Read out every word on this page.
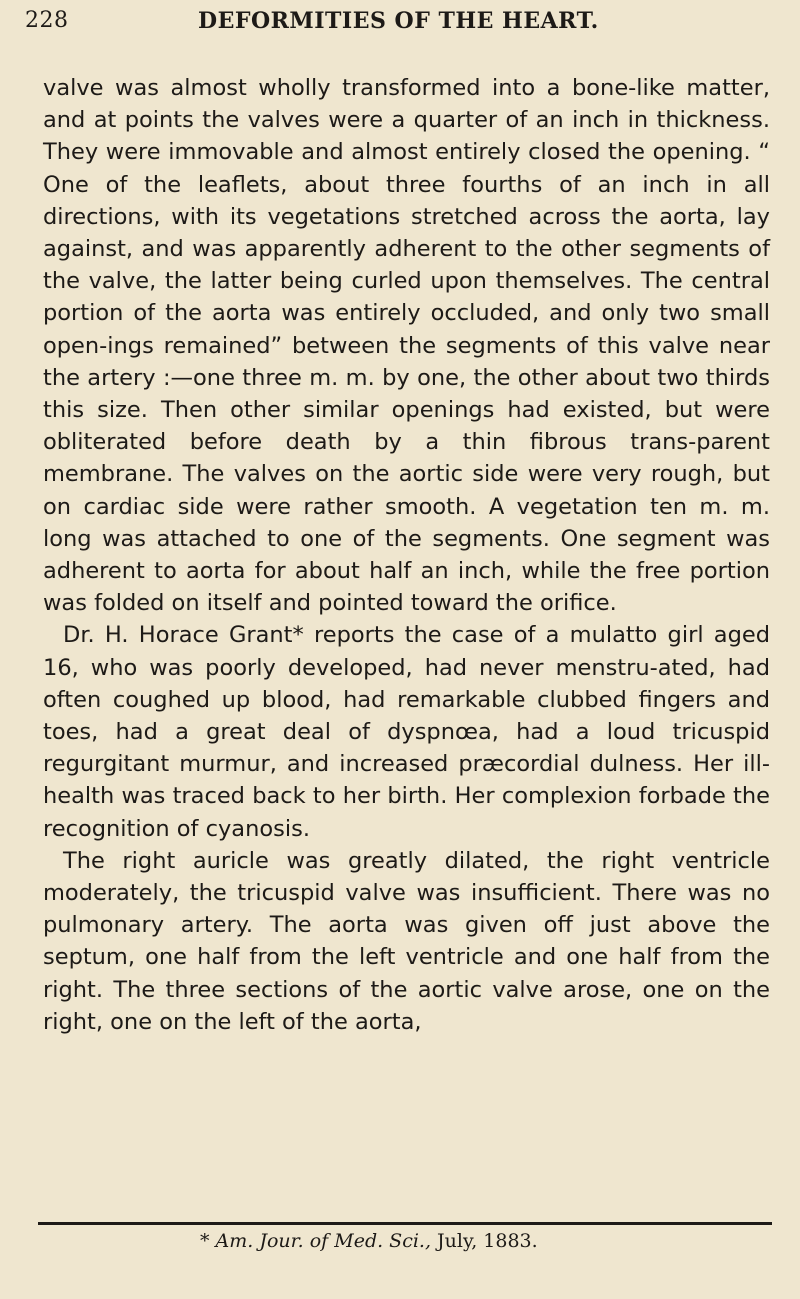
228	DEFORMITIES OF THE HEART.

valve was almost wholly transformed into a bone-like matter, and at points the valves were a quarter of an inch in thickness. They were immovable and almost entirely closed the opening. “ One of the leaflets, about three fourths of an inch in all directions, with its vegetations stretched across the aorta, lay against, and was apparently adherent to the other segments of the valve, the latter being curled upon themselves. The central portion of the aorta was entirely occluded, and only two small open-ings remained” between the segments of this valve near the artery :—one three m. m. by one, the other about two thirds this size. Then other similar openings had existed, but were obliterated before death by a thin fibrous trans-parent membrane. The valves on the aortic side were very rough, but on cardiac side were rather smooth. A vegetation ten m. m. long was attached to one of the segments. One segment was adherent to aorta for about half an inch, while the free portion was folded on itself and pointed toward the orifice.

Dr. H. Horace Grant* reports the case of a mulatto girl aged 16, who was poorly developed, had never menstru-ated, had often coughed up blood, had remarkable clubbed fingers and toes, had a great deal of dyspnœa, had a loud tricuspid regurgitant murmur, and increased præcordial dulness. Her ill-health was traced back to her birth. Her complexion forbade the recognition of cyanosis.

The right auricle was greatly dilated, the right ventricle moderately, the tricuspid valve was insufficient. There was no pulmonary artery. The aorta was given off just above the septum, one half from the left ventricle and one half from the right. The three sections of the aortic valve arose, one on the right, one on the left of the aorta,

* Am. Jour. of Med. Sci., July, 1883.
